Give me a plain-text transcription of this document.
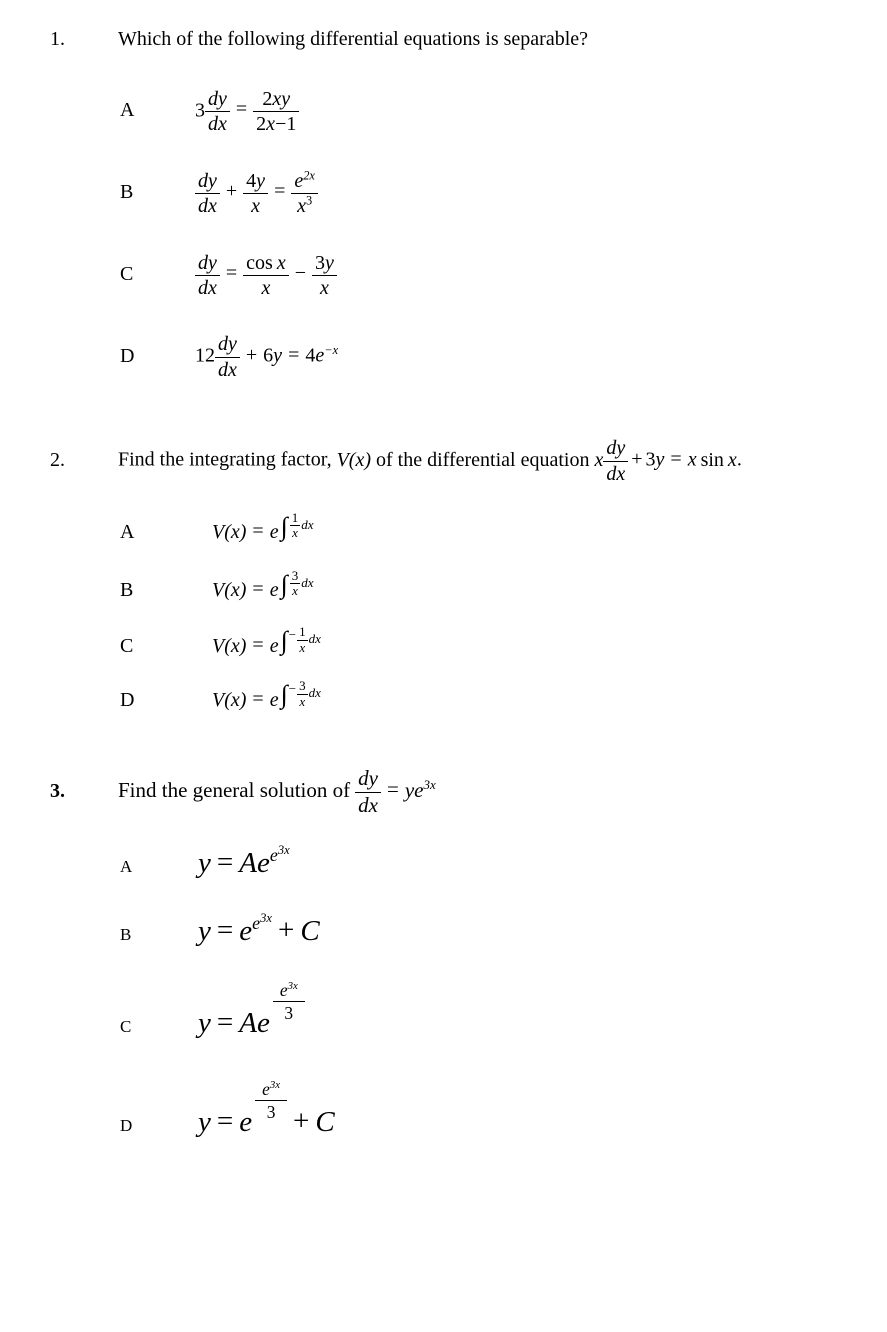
1.	Which of the following differential equations is separable?
A	$3 \frac{dy}{dx} = \frac{2xy}{2x-1}$
B	$\frac{dy}{dx} + \frac{4y}{x} = \frac{e^{2x}}{x^3}$
C	$\frac{dy}{dx} = \frac{\text{cos x}}{x} - \frac{3y}{x}$
D	$12 \frac{dy}{dx} + 6y = 4e^{-x}$
2.	Find the integrating factor, V(x) of the differential equation x $\frac{dy}{dx} + 3y = x$ sin x.
A	$V(x) = e\int \frac{1}{x}$ dx
B	$V(x) = e\int \frac{3}{x}$ dx
C	$V(x) = e\int- \frac{1}{x}$ dx
D	$V(x) = e\int- \frac{3}{x}$ dx
3.	Find the general solution of $\frac{dy}{dx} = ye^{3x}$
A	$y = Ae^{e^{3x}}$
B	$y = e^{e^{3x}} + C$
C	y = Ae $\frac{e^{3x}}{3}$
D	y = e $\frac{e^{3x}}{3} + C$
